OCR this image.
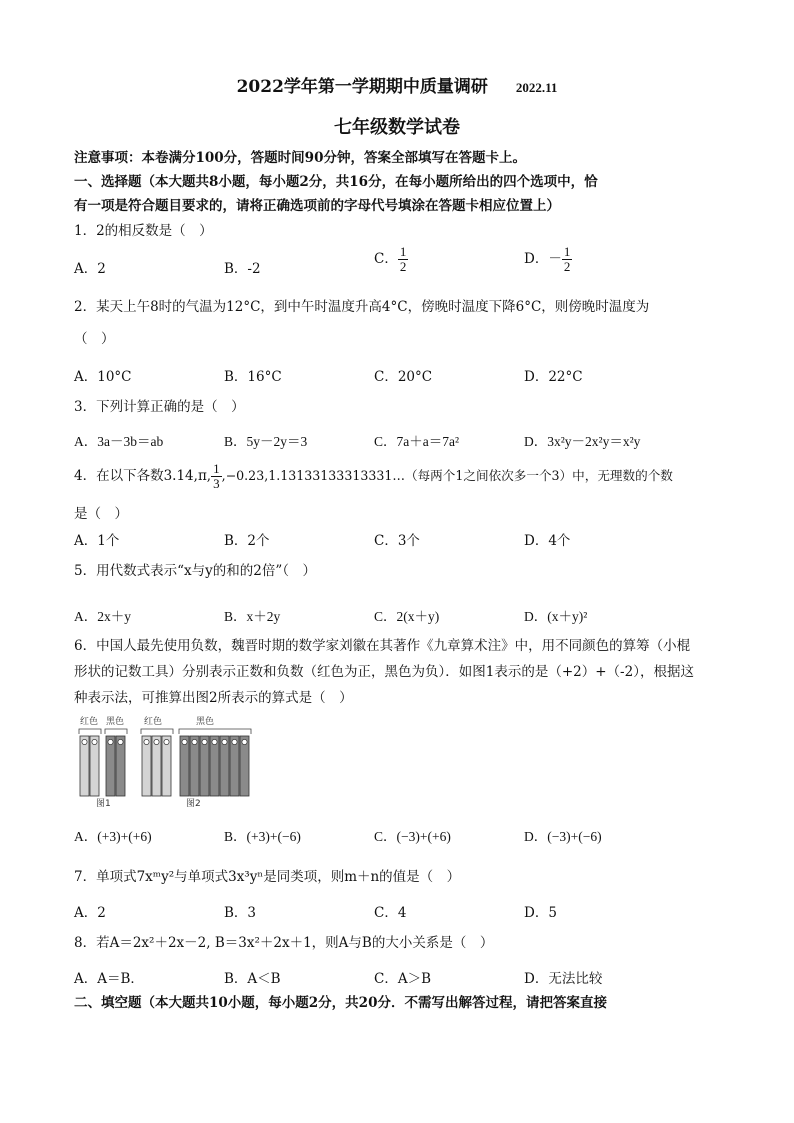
2022学年第一学期期中质量调研 2022.11
七年级数学试卷
注意事项：本卷满分100分，答题时间90分钟，答案全部填写在答题卡上。
一、选择题（本大题共8小题，每小题2分，共16分，在每小题所给出的四个选项中，恰
有一项是符合题目要求的，请将正确选项前的字母代号填涂在答题卡相应位置上）
1．2的相反数是（　）
A．2	B．-2
C． $\frac{1}{2}$	D．－ $\frac{1}{2}$
2．某天上午8时的气温为12°C，到中午时温度升高4°C，傍晚时温度下降6°C，则傍晚时温度为
（　）
A．10°C	B．16°C	C．20°C	D．22°C
3．下列计算正确的是（　）
A．3a－3b＝ab	B．5y－2y＝3	C．7a＋a＝7a²	D．3x²y－2x²y＝x²y
4．在以下各数3.14,π, $\frac{1}{3}$ ,−0.23,1.13133133313331…（每两个1之间依次多一个3）中，无理数的个数
是（　）
A．1个	B．2个	C．3个	D．4个
5．用代数式表示“x与y的和的2倍”（　）
A．2x＋y	B．x＋2y	C．2(x＋y)	D．(x＋y)²
6．中国人最先使用负数，魏晋时期的数学家刘徽在其著作《九章算术注》中，用不同颜色的算筹（小棍
形状的记数工具）分别表示正数和负数（红色为正，黑色为负）．如图1表示的是（+2）+（-2），根据这
种表示法，可推算出图2所表示的算式是（　）
红色 黑色 红色	黑色
图1	图2
A．(+3)+(+6)	B．(+3)+(−6)	C．(−3)+(+6)	D．(−3)+(−6)
7．单项式7xᵐy²与单项式3x³yⁿ是同类项，则m＋n的值是（　）
A．2	B．3	C．4	D．5
8．若A＝2x²＋2x－2, B＝3x²＋2x＋1，则A与B的大小关系是（　）
A．A＝B．	B．A＜B	C．A＞B	D．无法比较
二、填空题（本大题共10小题，每小题2分，共20分．不需写出解答过程，请把答案直接
